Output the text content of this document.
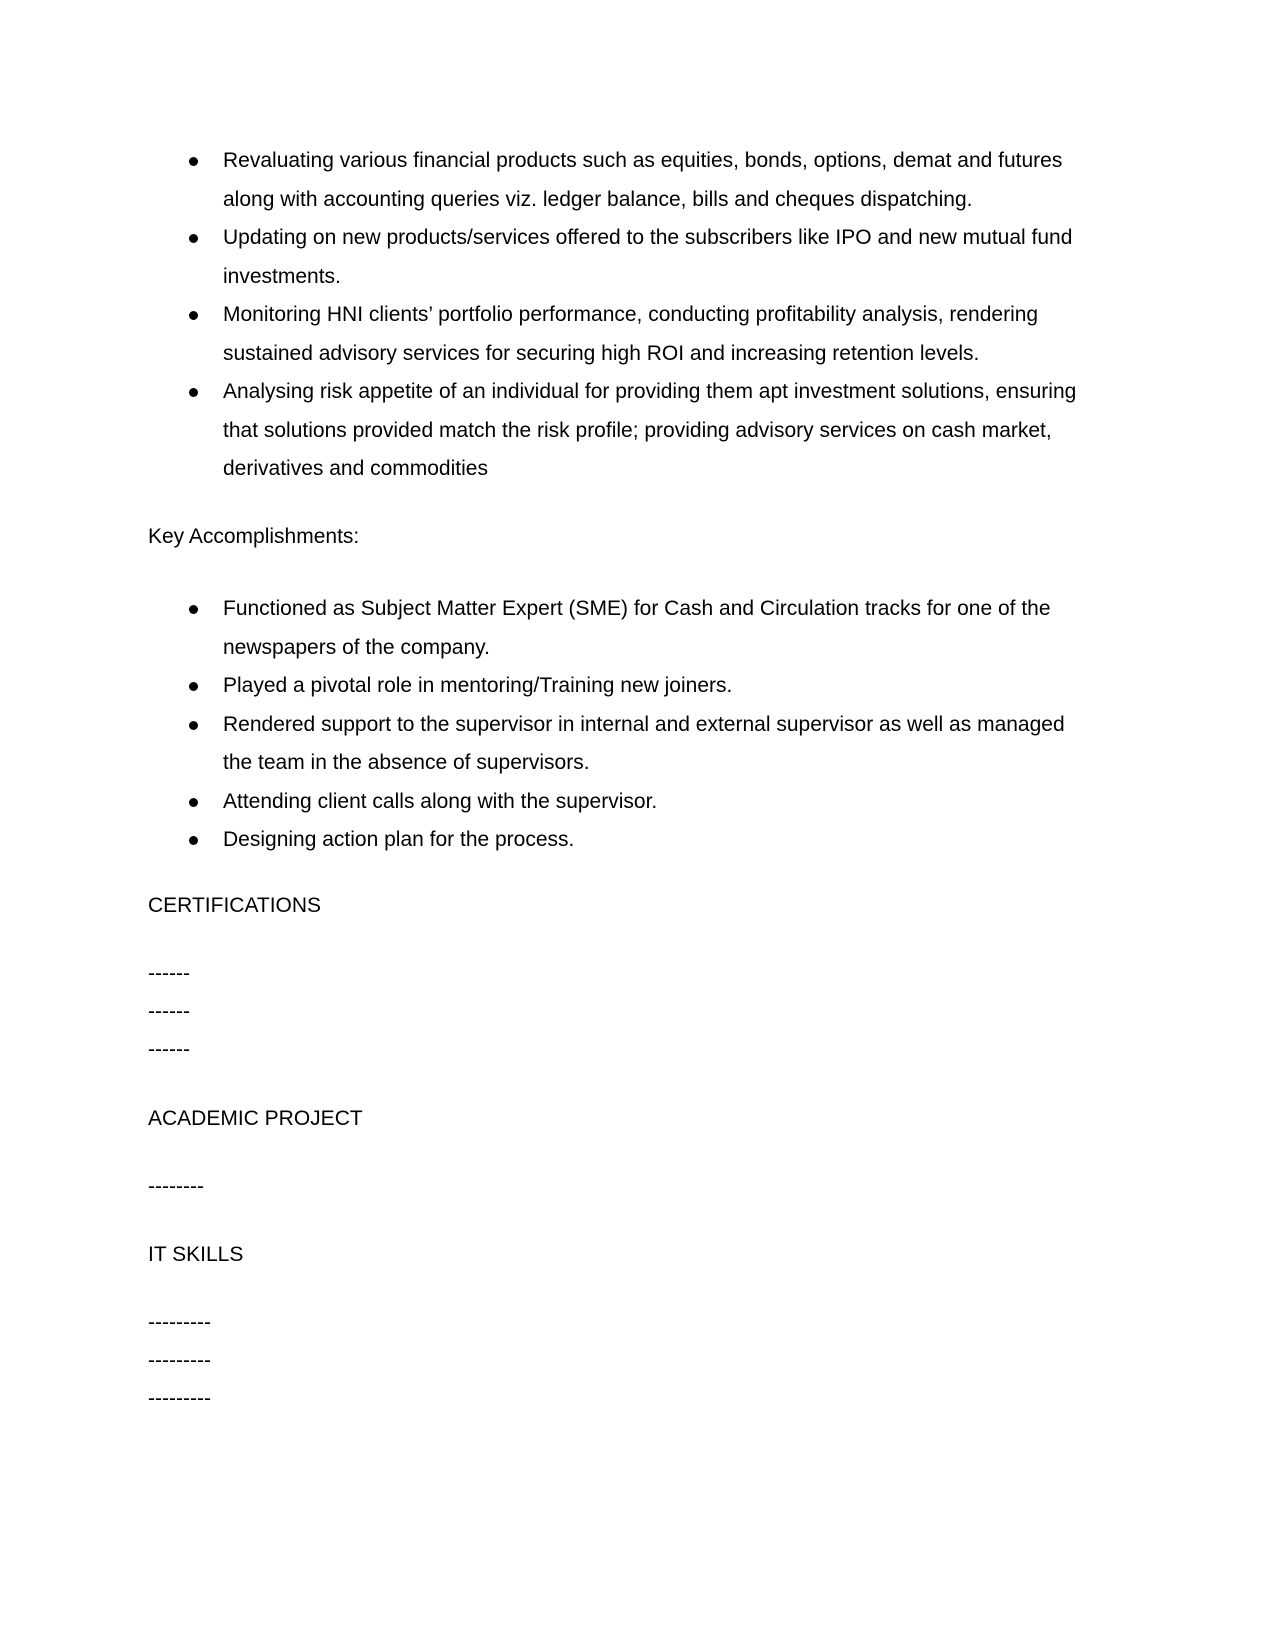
Revaluating various financial products such as equities, bonds, options, demat and futures along with accounting queries viz. ledger balance, bills and cheques dispatching.
Updating on new products/services offered to the subscribers like IPO and new mutual fund investments.
Monitoring HNI clients’ portfolio performance, conducting profitability analysis, rendering sustained advisory services for securing high ROI and increasing retention levels.
Analysing risk appetite of an individual for providing them apt investment solutions, ensuring that solutions provided match the risk profile; providing advisory services on cash market, derivatives and commodities

Key Accomplishments:

Functioned as Subject Matter Expert (SME) for Cash and Circulation tracks for one of the newspapers of the company.
Played a pivotal role in mentoring/Training new joiners.
Rendered support to the supervisor in internal and external supervisor as well as managed the team in the absence of supervisors.
Attending client calls along with the supervisor.
Designing action plan for the process.

CERTIFICATIONS

------

------

------

ACADEMIC PROJECT

--------

IT SKILLS

---------

---------

---------
